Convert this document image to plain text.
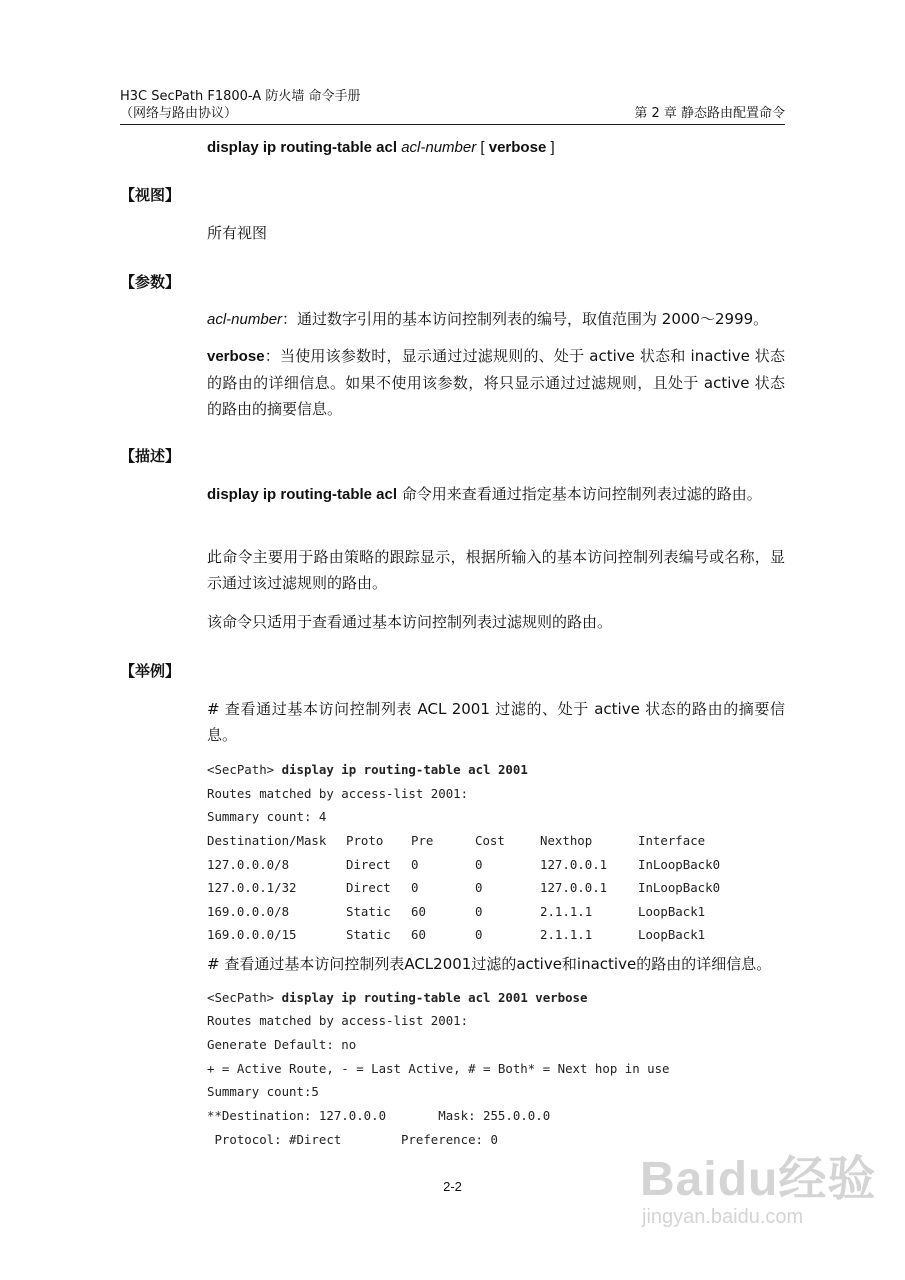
H3C SecPath F1800-A 防火墙 命令手册
（网络与路由协议）	第 2 章 静态路由配置命令
display ip routing-table acl acl-number [ verbose ]
【视图】
所有视图
【参数】
acl-number：通过数字引用的基本访问控制列表的编号，取值范围为 2000～2999。
verbose：当使用该参数时，显示通过过滤规则的、处于 active 状态和 inactive 状态的路由的详细信息。如果不使用该参数，将只显示通过过滤规则，且处于 active 状态的路由的摘要信息。
【描述】
display ip routing-table acl 命令用来查看通过指定基本访问控制列表过滤的路由。
此命令主要用于路由策略的跟踪显示，根据所输入的基本访问控制列表编号或名称，显示通过该过滤规则的路由。
该命令只适用于查看通过基本访问控制列表过滤规则的路由。
【举例】
# 查看通过基本访问控制列表 ACL 2001 过滤的、处于 active 状态的路由的摘要信息。
<SecPath> display ip routing-table acl 2001
Routes matched by access-list 2001:
Summary count: 4
Destination/Mask Proto Pre	Cost	Nexthop	Interface
127.0.0.0/8	Direct 0	0	127.0.0.1 InLoopBack0
127.0.0.1/32	Direct 0	0	127.0.0.1 InLoopBack0
169.0.0.0/8	Static 60	0	2.1.1.1	LoopBack1
169.0.0.0/15	Static 60	0	2.1.1.1	LoopBack1
# 查看通过基本访问控制列表ACL2001过滤的active和inactive的路由的详细信息。
<SecPath> display ip routing-table acl 2001 verbose
Routes matched by access-list 2001:
Generate Default: no
+ = Active Route, - = Last Active, # = Both* = Next hop in use
Summary count:5
**Destination: 127.0.0.0       Mask: 255.0.0.0
Protocol: #Direct        Preference: 0
2-2	Baidu经验
jingyan.baidu.com
